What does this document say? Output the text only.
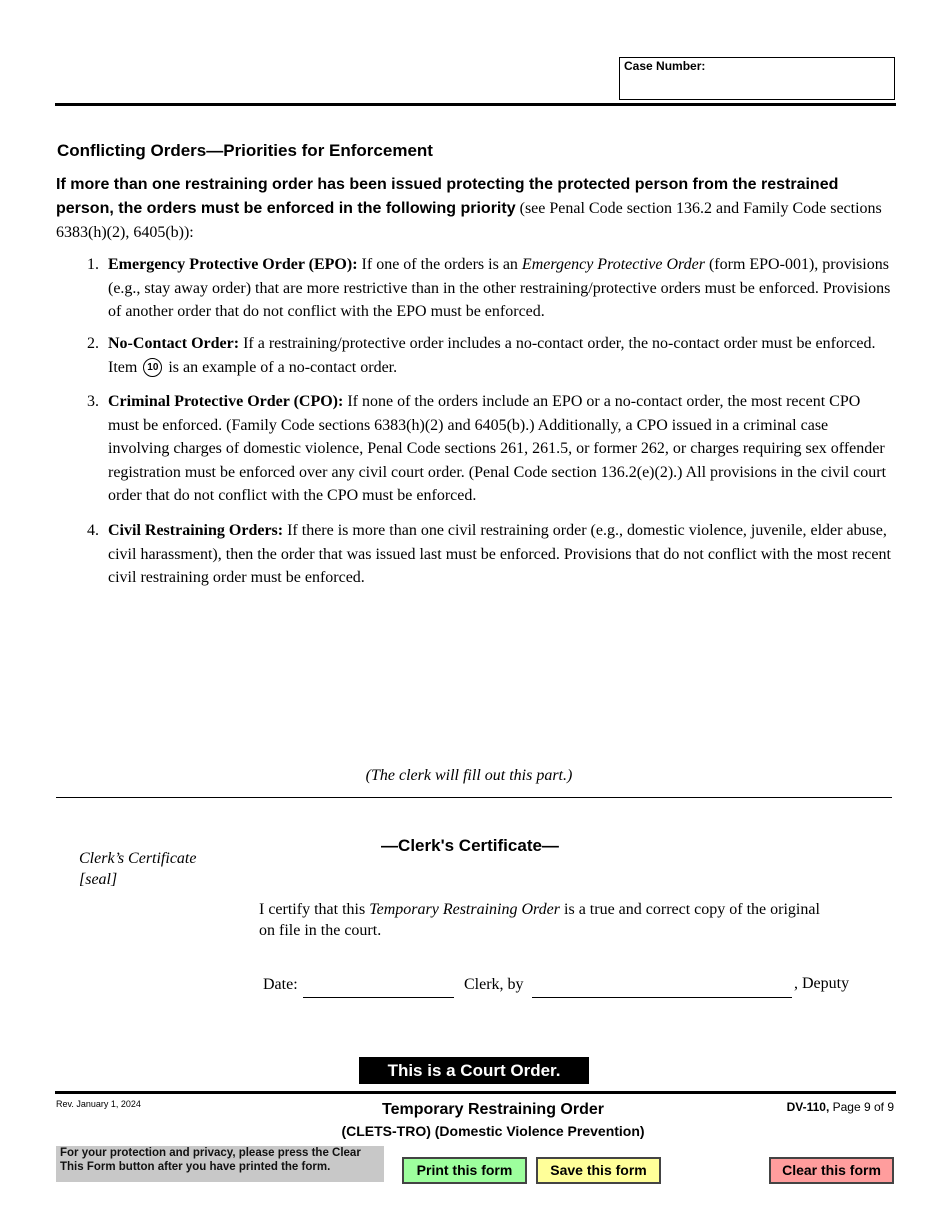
Case Number:
Conflicting Orders—Priorities for Enforcement
If more than one restraining order has been issued protecting the protected person from the restrained person, the orders must be enforced in the following priority (see Penal Code section 136.2 and Family Code sections 6383(h)(2), 6405(b)):
1. Emergency Protective Order (EPO): If one of the orders is an Emergency Protective Order (form EPO-001), provisions (e.g., stay away order) that are more restrictive than in the other restraining/protective orders must be enforced. Provisions of another order that do not conflict with the EPO must be enforced.
2. No-Contact Order: If a restraining/protective order includes a no-contact order, the no-contact order must be enforced. Item 10 is an example of a no-contact order.
3. Criminal Protective Order (CPO): If none of the orders include an EPO or a no-contact order, the most recent CPO must be enforced. (Family Code sections 6383(h)(2) and 6405(b).) Additionally, a CPO issued in a criminal case involving charges of domestic violence, Penal Code sections 261, 261.5, or former 262, or charges requiring sex offender registration must be enforced over any civil court order. (Penal Code section 136.2(e)(2).) All provisions in the civil court order that do not conflict with the CPO must be enforced.
4. Civil Restraining Orders: If there is more than one civil restraining order (e.g., domestic violence, juvenile, elder abuse, civil harassment), then the order that was issued last must be enforced. Provisions that do not conflict with the most recent civil restraining order must be enforced.
(The clerk will fill out this part.)
Clerk’s Certificate
[seal]
—Clerk's Certificate—
I certify that this Temporary Restraining Order is a true and correct copy of the original on file in the court.
Date:	Clerk, by	, Deputy
This is a Court Order.
Rev. January 1, 2024	Temporary Restraining Order
(CLETS-TRO) (Domestic Violence Prevention)
DV-110, Page 9 of 9
For your protection and privacy, please press the Clear This Form button after you have printed the form.	Print this form	Save this form	Clear this form
